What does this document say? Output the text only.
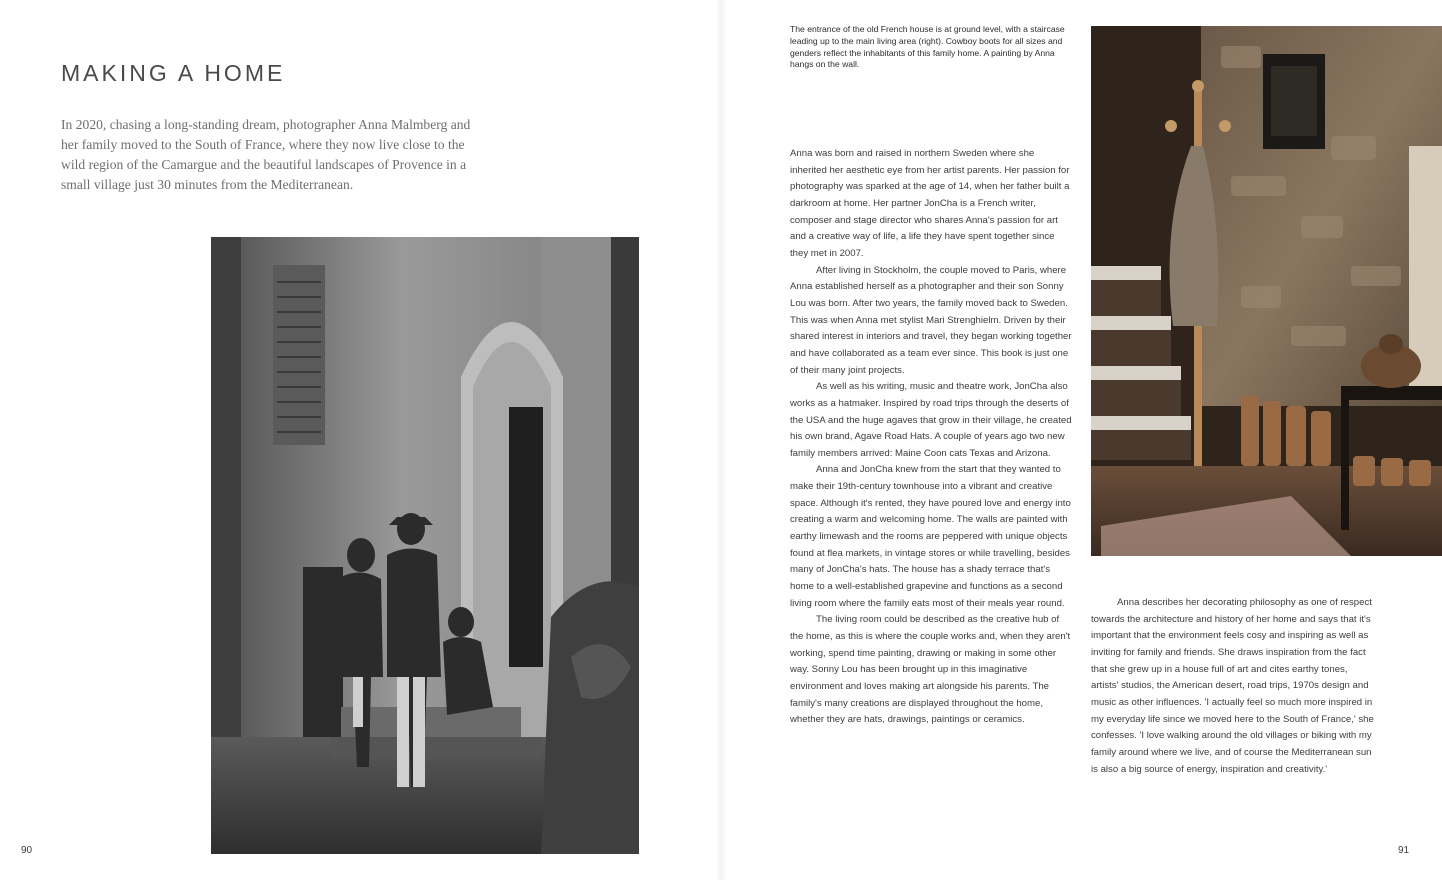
MAKING A HOME

In 2020, chasing a long-standing dream, photographer Anna Malmberg and her family moved to the South of France, where they now live close to the wild region of the Camargue and the beautiful landscapes of Provence in a small village just 30 minutes from the Mediterranean.

90

The entrance of the old French house is at ground level, with a staircase leading up to the main living area (right). Cowboy boots for all sizes and genders reflect the inhabitants of this family home. A painting by Anna hangs on the wall.

Anna was born and raised in northern Sweden where she inherited her aesthetic eye from her artist parents. Her passion for photography was sparked at the age of 14, when her father built a darkroom at home. Her partner JonCha is a French writer, composer and stage director who shares Anna's passion for art and a creative way of life, a life they have spent together since they met in 2007.

After living in Stockholm, the couple moved to Paris, where Anna established herself as a photographer and their son Sonny Lou was born. After two years, the family moved back to Sweden. This was when Anna met stylist Mari Strenghielm. Driven by their shared interest in interiors and travel, they began working together and have collaborated as a team ever since. This book is just one of their many joint projects.

As well as his writing, music and theatre work, JonCha also works as a hatmaker. Inspired by road trips through the deserts of the USA and the huge agaves that grow in their village, he created his own brand, Agave Road Hats. A couple of years ago two new family members arrived: Maine Coon cats Texas and Arizona.

Anna and JonCha knew from the start that they wanted to make their 19th-century townhouse into a vibrant and creative space. Although it's rented, they have poured love and energy into creating a warm and welcoming home. The walls are painted with earthy limewash and the rooms are peppered with unique objects found at flea markets, in vintage stores or while travelling, besides many of JonCha's hats. The house has a shady terrace that's home to a well-established grapevine and functions as a second living room where the family eats most of their meals year round.

The living room could be described as the creative hub of the home, as this is where the couple works and, when they aren't working, spend time painting, drawing or making in some other way. Sonny Lou has been brought up in this imaginative environment and loves making art alongside his parents. The family's many creations are displayed throughout the home, whether they are hats, drawings, paintings or ceramics.

Anna describes her decorating philosophy as one of respect towards the architecture and history of her home and says that it's important that the environment feels cosy and inspiring as well as inviting for family and friends. She draws inspiration from the fact that she grew up in a house full of art and cites earthy tones, artists' studios, the American desert, road trips, 1970s design and music as other influences. 'I actually feel so much more inspired in my everyday life since we moved here to the South of France,' she confesses. 'I love walking around the old villages or biking with my family around where we live, and of course the Mediterranean sun is also a big source of energy, inspiration and creativity.'

91
